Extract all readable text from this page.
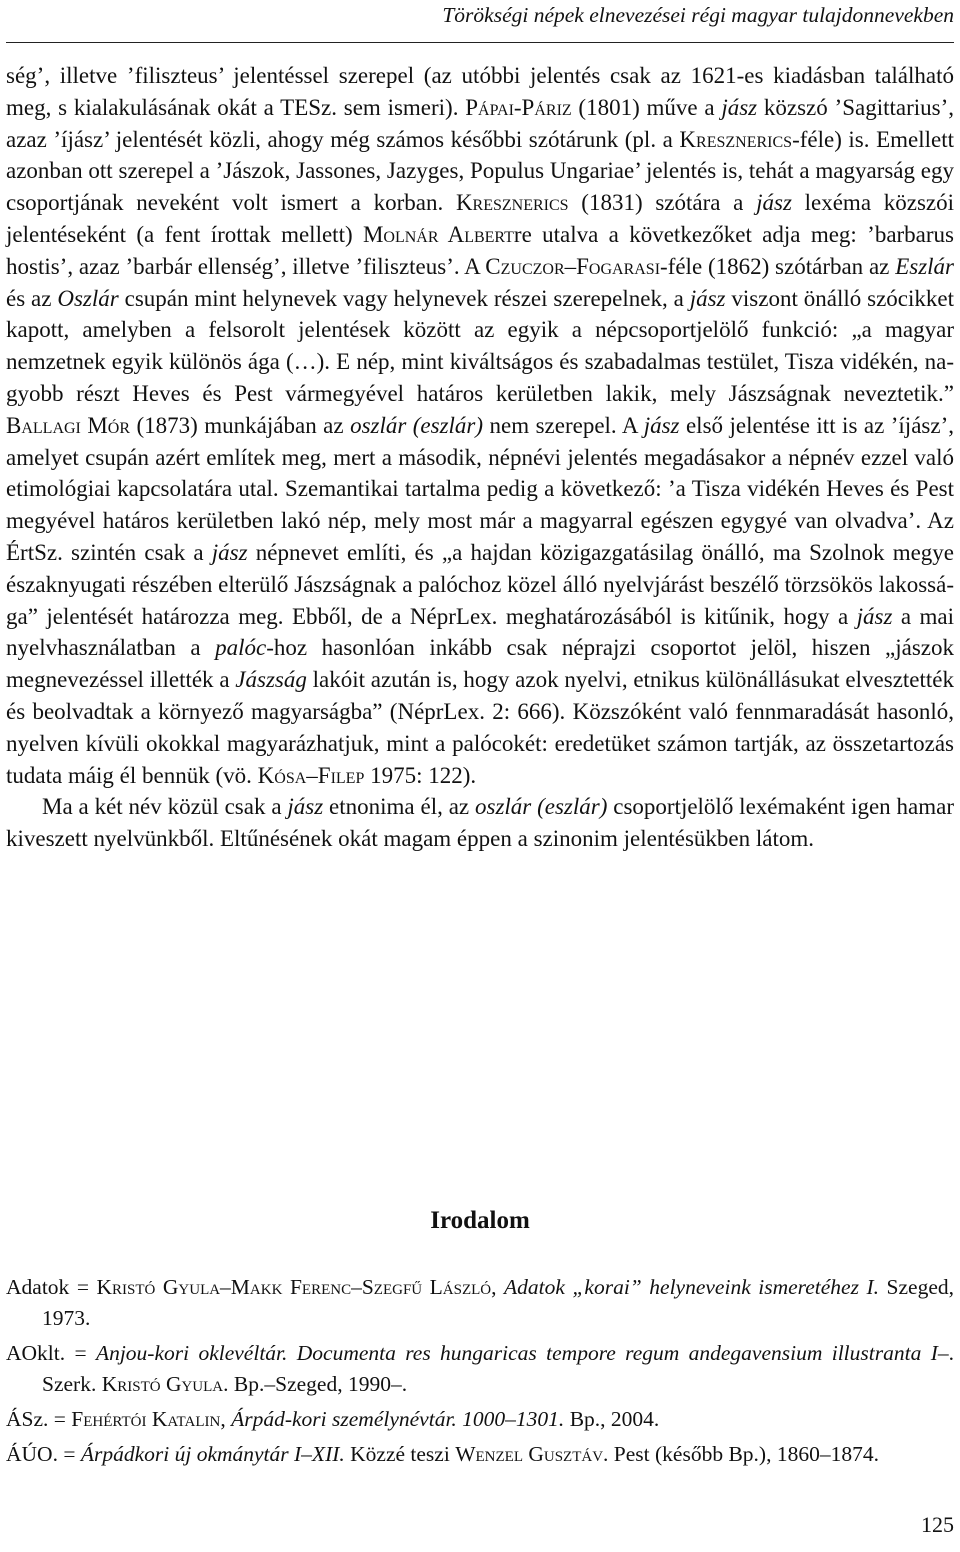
Törökségi népek elnevezései régi magyar tulajdonnevekben

ség’, illetve ’filiszteus’ jelentéssel szerepel (az utóbbi jelentés csak az 1621-es kiadásban található meg, s kialakulásának okát a TESz. sem ismeri). Pápai-Páriz (1801) műve a jász közszó ’Sagittarius’, azaz ’íjász’ jelentését közli, ahogy még számos későbbi szótárunk (pl. a Kresznerics-féle) is. Emellett azonban ott szerepel a ’Jászok, Jassones, Jazyges, Populus Ungariae’ jelentés is, tehát a magyarság egy csoportjának neveként volt ismert a korban. Kresznerics (1831) szótára a jász lexéma közszói jelentéseként (a fent írottak mellett) Molnár Albertre utalva a következőket adja meg: ’barbarus hostis’, azaz ’barbár ellenség’, illetve ’filiszteus’. A Czuczor–Fogarasi-féle (1862) szótárban az Eszlár és az Oszlár csupán mint helynevek vagy helynevek részei szerepelnek, a jász viszont önálló szócikket kapott, amelyben a felsorolt jelentések között az egyik a népcsoportjelölő funkció: „a magyar nemzetnek egyik különös ága (…). E nép, mint kiváltságos és szabadalmas testület, Tisza vidékén, nagyobb részt Heves és Pest vármegyével határos kerületben lakik, mely Jászságnak neveztetik.” Ballagi Mór (1873) munkájában az oszlár (eszlár) nem szerepel. A jász első jelentése itt is az ’íjász’, amelyet csupán azért említek meg, mert a második, népnévi jelentés megadásakor a népnév ezzel való etimológiai kapcsolatára utal. Szemantikai tartalma pedig a következő: ’a Tisza vidékén Heves és Pest megyével határos kerületben lakó nép, mely most már a magyarral egészen egygyé van olvadva’. Az ÉrtSz. szintén csak a jász népnevet említi, és „a hajdan közigazgatásilag önálló, ma Szolnok megye északnyugati részében elterülő Jászságnak a palóchoz közel álló nyelvjárást beszélő törzsökös lakossága” jelentését határozza meg. Ebből, de a NéprLex. meghatározásából is kitűnik, hogy a jász a mai nyelvhasználatban a palóc-hoz hasonlóan inkább csak néprajzi csoportot jelöl, hiszen „jászok megnevezéssel illették a Jászság lakóit azután is, hogy azok nyelvi, etnikus különállásukat elvesztették és beolvadtak a környező magyarságba” (NéprLex. 2: 666). Közszóként való fennmaradását hasonló, nyelven kívüli okokkal magyarázhatjuk, mint a palócokét: eredetüket számon tartják, az összetartozás tudata máig él bennük (vö. Kósa–Filep 1975: 122).

Ma a két név közül csak a jász etnonima él, az oszlár (eszlár) csoportjelölő lexémaként igen hamar kiveszett nyelvünkből. Eltűnésének okát magam éppen a szinonim jelentésükben látom.

Irodalom

Adatok = Kristó Gyula–Makk Ferenc–Szegfű László, Adatok „korai” helyneveink ismeretéhez I. Szeged, 1973.

AOklt. = Anjou-kori oklevéltár. Documenta res hungaricas tempore regum andegavensium illustranta I–. Szerk. Kristó Gyula. Bp.–Szeged, 1990–.

ÁSz. = Fehértói Katalin, Árpád-kori személynévtár. 1000–1301. Bp., 2004.

ÁÚO. = Árpádkori új okmánytár I–XII. Közzé teszi Wenzel Gusztáv. Pest (később Bp.), 1860–1874.

125
